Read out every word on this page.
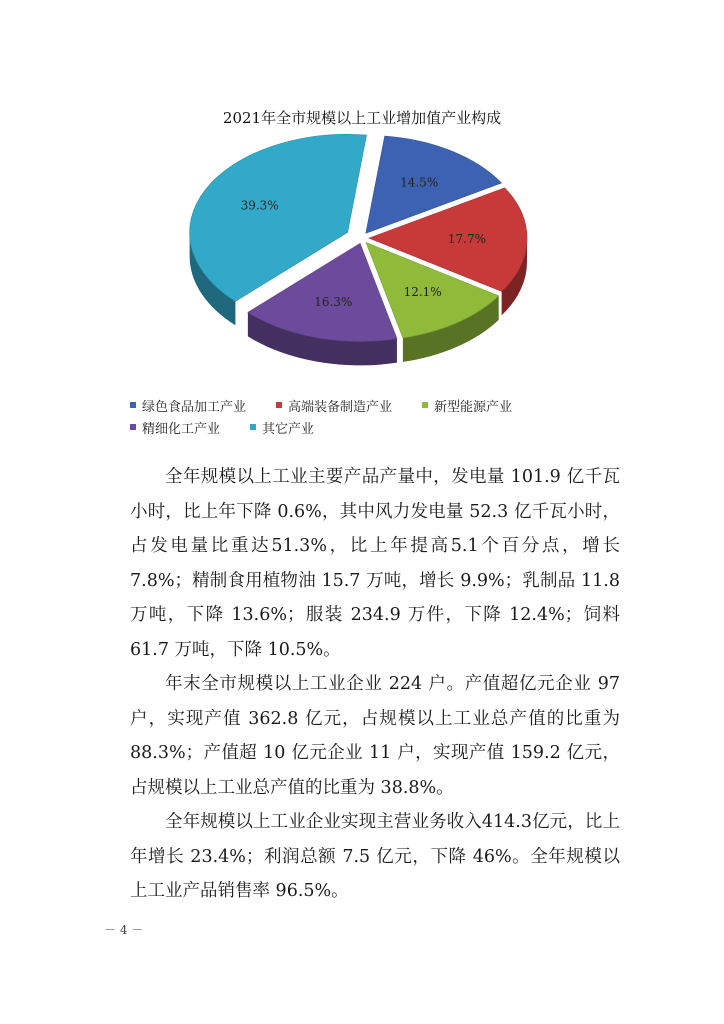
2021年全市规模以上工业增加值产业构成
14.5%
17.7%
12.1%
16.3%
39.3%
绿色食品加工产业	高端装备制造产业	新型能源产业
精细化工产业	其它产业

全年规模以上工业主要产品产量中，发电量 101.9 亿千瓦小时，比上年下降 0.6%，其中风力发电量 52.3 亿千瓦小时，占发电量比重达51.3%，比上年提高5.1个百分点，增长7.8%；精制食用植物油 15.7 万吨，增长 9.9%；乳制品 11.8 万吨，下降 13.6%；服装 234.9 万件，下降 12.4%；饲料 61.7 万吨，下降 10.5%。

年末全市规模以上工业企业 224 户。产值超亿元企业 97 户，实现产值 362.8 亿元，占规模以上工业总产值的比重为 88.3%；产值超 10 亿元企业 11 户，实现产值 159.2 亿元，占规模以上工业总产值的比重为 38.8%。

全年规模以上工业企业实现主营业务收入414.3亿元，比上年增长 23.4%；利润总额 7.5 亿元，下降 46%。全年规模以上工业产品销售率 96.5%。

－ 4 －
